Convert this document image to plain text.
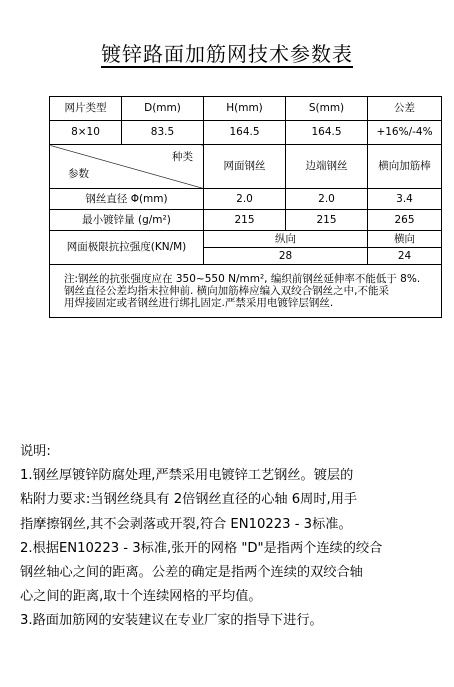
镀锌路面加筋网技术参数表
网片类型	D(mm)	H(mm)	S(mm)	公差
8×10	83.5	164.5	164.5	+16%/-4%

种类
参数		网面钢丝	边端钢丝	横向加筋棒
钢丝直径 Φ(mm)		2.0	2.0	3.4
最小镀锌量 (g/m²)		215	215	265
网面极限抗拉强度(KN/M)		纵向		横向
		28		24

注:钢丝的抗张强度应在 350~550 N/mm², 编织前钢丝延伸率不能低于 8%.
钢丝直径公差均指未拉伸前. 横向加筋棒应编入双绞合钢丝之中,不能采
用焊接固定或者钢丝进行绑扎固定.严禁采用电镀锌层钢丝.				
说明:
1.钢丝厚镀锌防腐处理,严禁采用电镀锌工艺钢丝。镀层的
粘附力要求:当钢丝绕具有 2倍钢丝直径的心轴 6周时,用手
指摩擦钢丝,其不会剥落或开裂,符合 EN10223 - 3标准。
2.根据EN10223 - 3标准,张开的网格 "D"是指两个连续的绞合
钢丝轴心之间的距离。公差的确定是指两个连续的双绞合轴
心之间的距离,取十个连续网格的平均值。
3.路面加筋网的安装建议在专业厂家的指导下进行。
